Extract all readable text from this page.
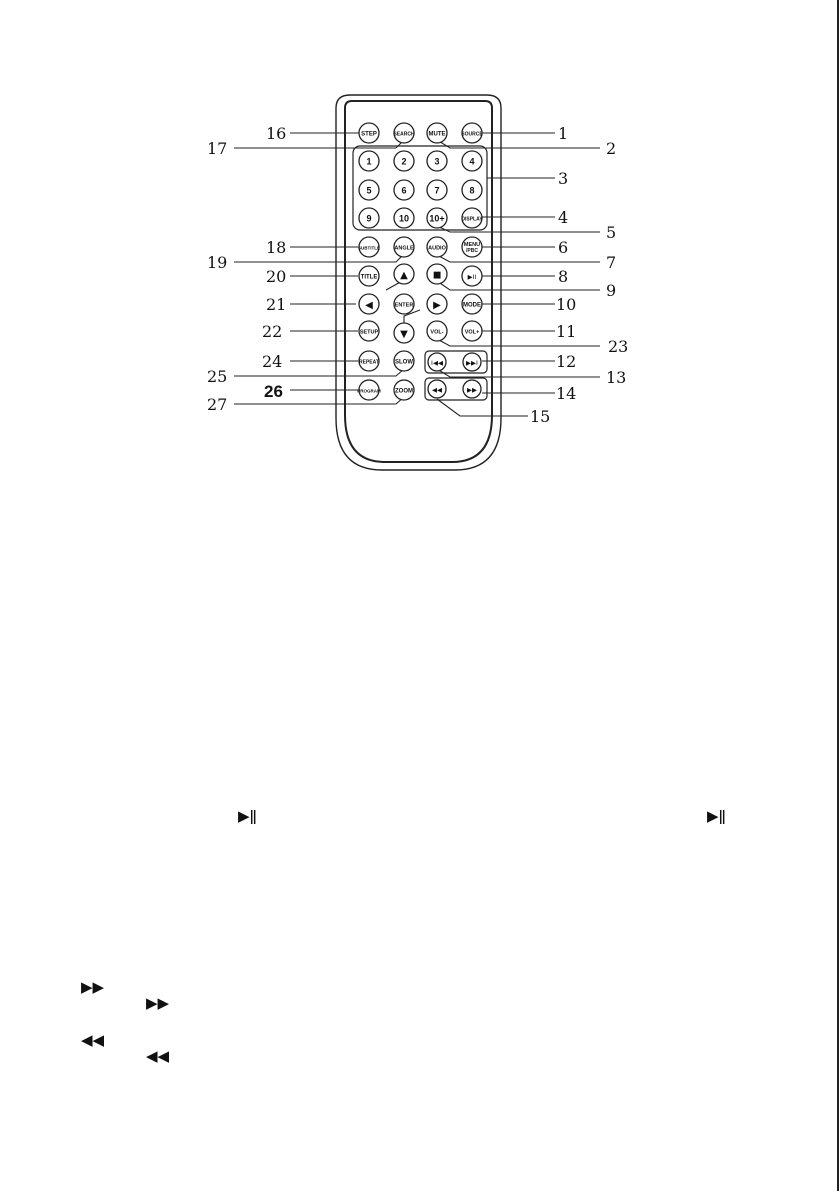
16
17
1
2
3
4
5
18
19
6
7
20	8
9
21	10
22	11
23
24	12
25	13
26	14
27
15
STEP	SEARCH MUTE	SOURCE
1	2	3	4
5	6	7	8
9	10 10+	DISPLAY
SUBTITLE	ANGLE	AUDIO
MENU
/PBC
TITLE ▲	■	▶II
◀	ENTER ▶	MODE
SETUP ▼	VOL-	VOL+
REPEAT	SLOW	I◀◀	▶▶I
PROGRAM ZOOM	◀◀	▶▶
▶ǁ	▶ǁ
▶▶
▶▶
◀◀
◀◀
